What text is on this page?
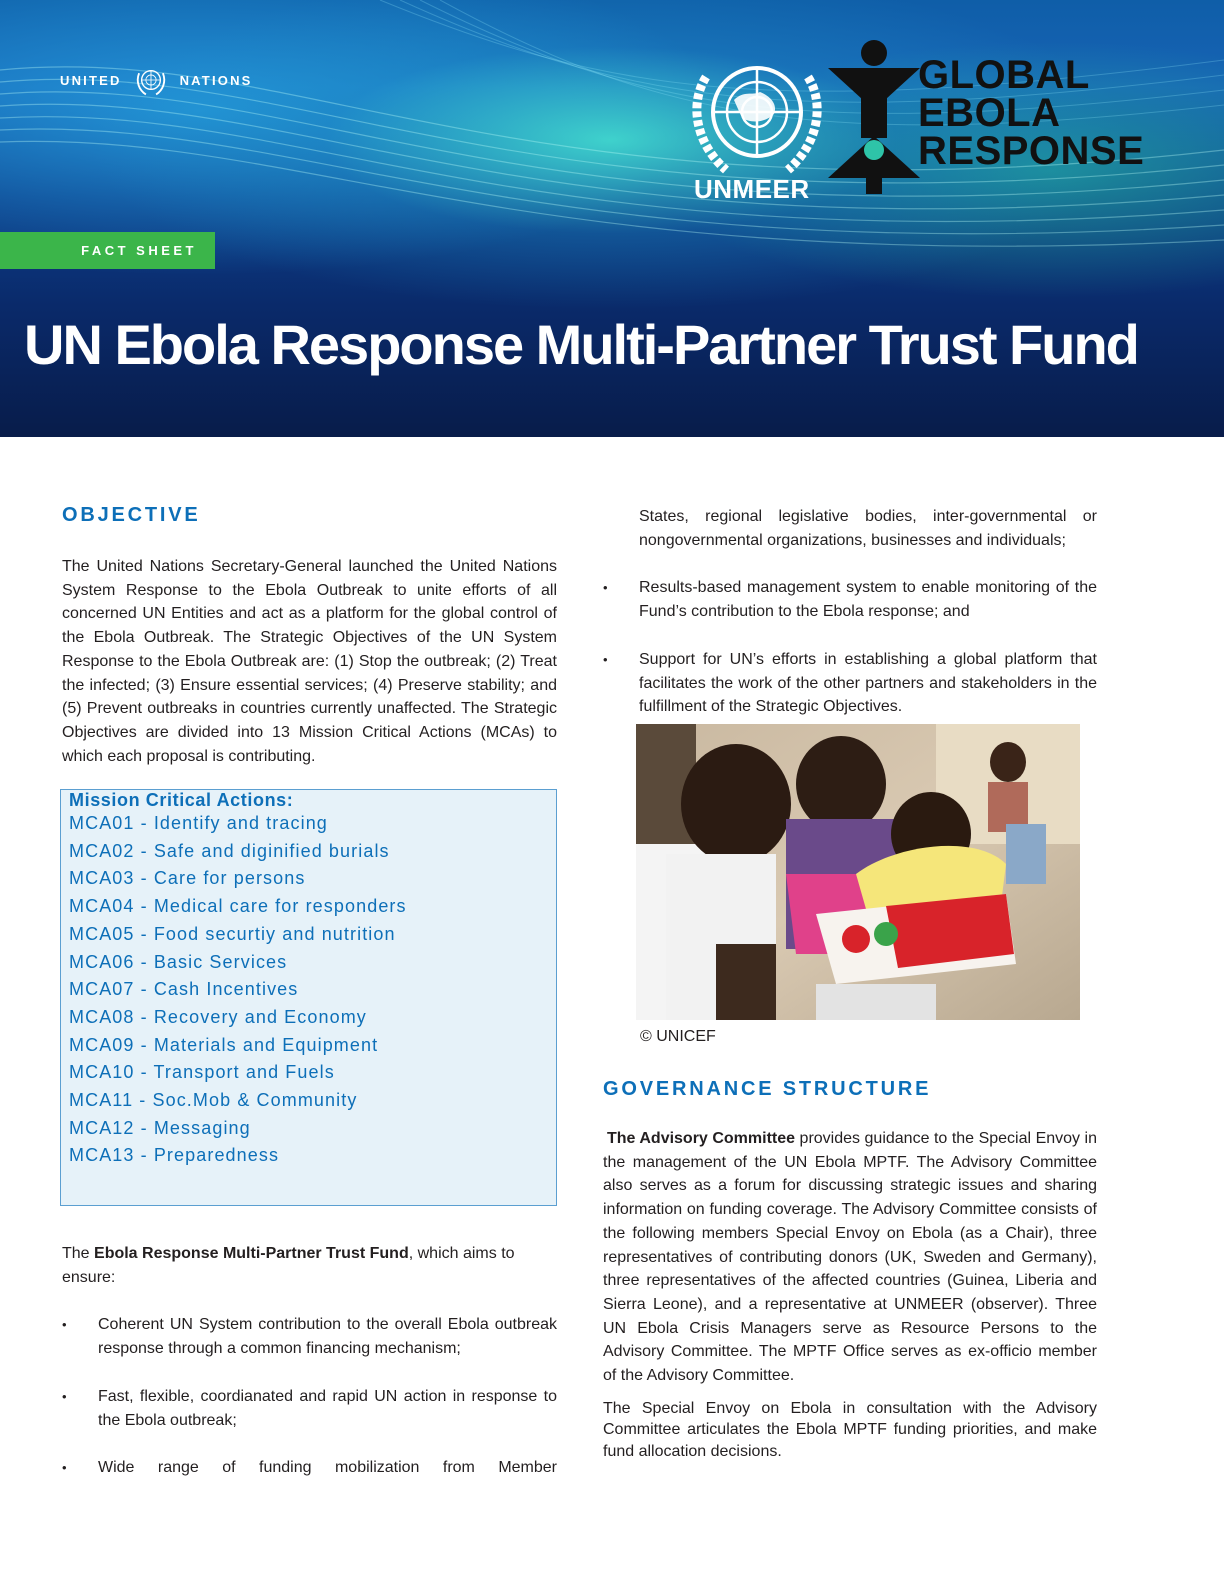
UNITED	NATIONS
UNMEER
GLOBAL
EBOLA
RESPONSE
FACT SHEET
UN Ebola Response Multi-Partner Trust Fund
OBJECTIVE

The United Nations Secretary-General launched the United Nations System Response to the Ebola Outbreak to unite efforts of all concerned UN Entities and act as a platform for the global control of the Ebola Outbreak. The Strategic Objectives of the UN System Response to the Ebola Outbreak are: (1) Stop the outbreak; (2) Treat the infected; (3) Ensure essential services; (4) Preserve stability; and (5) Prevent outbreaks in countries currently unaffected. The Strategic Objectives are divided into 13 Mission Critical Actions (MCAs) to which each proposal is contributing.

Mission Critical Actions:
MCA01 - Identify and tracing
MCA02 - Safe and diginified burials
MCA03 - Care for persons
MCA04 - Medical care for responders
MCA05 - Food securtiy and nutrition
MCA06 - Basic Services
MCA07 - Cash Incentives
MCA08 - Recovery and Economy
MCA09 - Materials and Equipment
MCA10 - Transport and Fuels
MCA11 - Soc.Mob & Community
MCA12 - Messaging
MCA13 - Preparedness

The Ebola Response Multi-Partner Trust Fund, which aims to ensure:

• Coherent UN System contribution to the overall Ebola outbreak response through a common financing mechanism;
• Fast, flexible, coordianated and rapid UN action in response to the Ebola outbreak;
• Wide range of funding mobilization from Member
States, regional legislative bodies, inter-governmental or nongovernmental organizations, businesses and individuals;
• Results-based management system to enable monitoring of the Fund’s contribution to the Ebola response; and
• Support for UN’s efforts in establishing a global platform that facilitates the work of the other partners and stakeholders in the fulfillment of the Strategic Objectives.
© UNICEF
GOVERNANCE STRUCTURE

The Advisory Committee provides guidance to the Special Envoy in the management of the UN Ebola MPTF. The Advisory Committee also serves as a forum for discussing strategic issues and sharing information on funding coverage. The Advisory Committee consists of the following members Special Envoy on Ebola (as a Chair), three representatives of contributing donors (UK, Sweden and Germany), three representatives of the affected countries (Guinea, Liberia and Sierra Leone), and a representative at UNMEER (observer). Three UN Ebola Crisis Managers serve as Resource Persons to the Advisory Committee. The MPTF Office serves as ex-officio member of the Advisory Committee.

The Special Envoy on Ebola in consultation with the Advisory Committee articulates the Ebola MPTF funding priorities, and make fund allocation decisions.
